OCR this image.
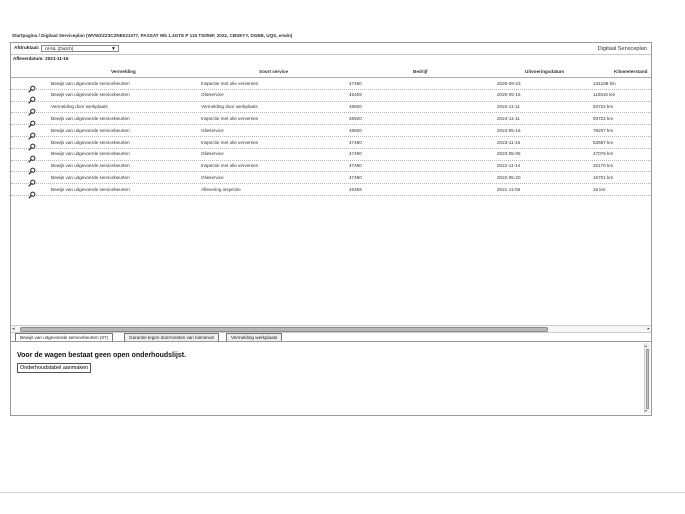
Startpagina / Digitaal Serviceplan (WVWZZZ3CZNE021077, PASSAT Wb 1.4GTE P 115 TSI/06F, 2022, CBSEYY, DGEB, UQS, erwin)
Afdruktaal:	nl-NL (Dutch)	▼	Digitaal Serviceplan
Afleverdatum: 2021-11-16
Vermelding	Soort service	Bedrijf	Uitvoeringsdatum	Kilometerstand
Bewijs van uitgevoerde servicebeurten	Inspectie met olie verversen	47490	2025-09-23	134108 km
Bewijs van uitgevoerde servicebeurten	Olieservice	45459	2025-05-16	110816 km
Vermelding door werkplaats	Vermelding door werkplaats	48920	2024-11-11	93722 km
Bewijs van uitgevoerde servicebeurten	Inspectie met olie verversen	48920	2024-11-11	93722 km
Bewijs van uitgevoerde servicebeurten	Olieservice	48920	2024-05-16	78207 km
Bewijs van uitgevoerde servicebeurten	Inspectie met olie verversen	47490	2023-11-15	63587 km
Bewijs van uitgevoerde servicebeurten	Olieservice	47490	2023-05-05	47076 km
Bewijs van uitgevoerde servicebeurten	Inspectie met olie verversen	47490	2022-11-14	32170 km
Bewijs van uitgevoerde servicebeurten	Olieservice	47490	2022-05-20	15701 km
Bewijs van uitgevoerde servicebeurten	Aflevering inspectie	45459	2021-11-06	15 km
◂	▸
Bewijs van uitgevoerde servicebeurten (07)	Garantie tegen doorroesten van binnenuit	Vermelding werkplaats
Voor de wagen bestaat geen open onderhoudslijst.
Onderhoudstabel aanmaken
▴
▾
